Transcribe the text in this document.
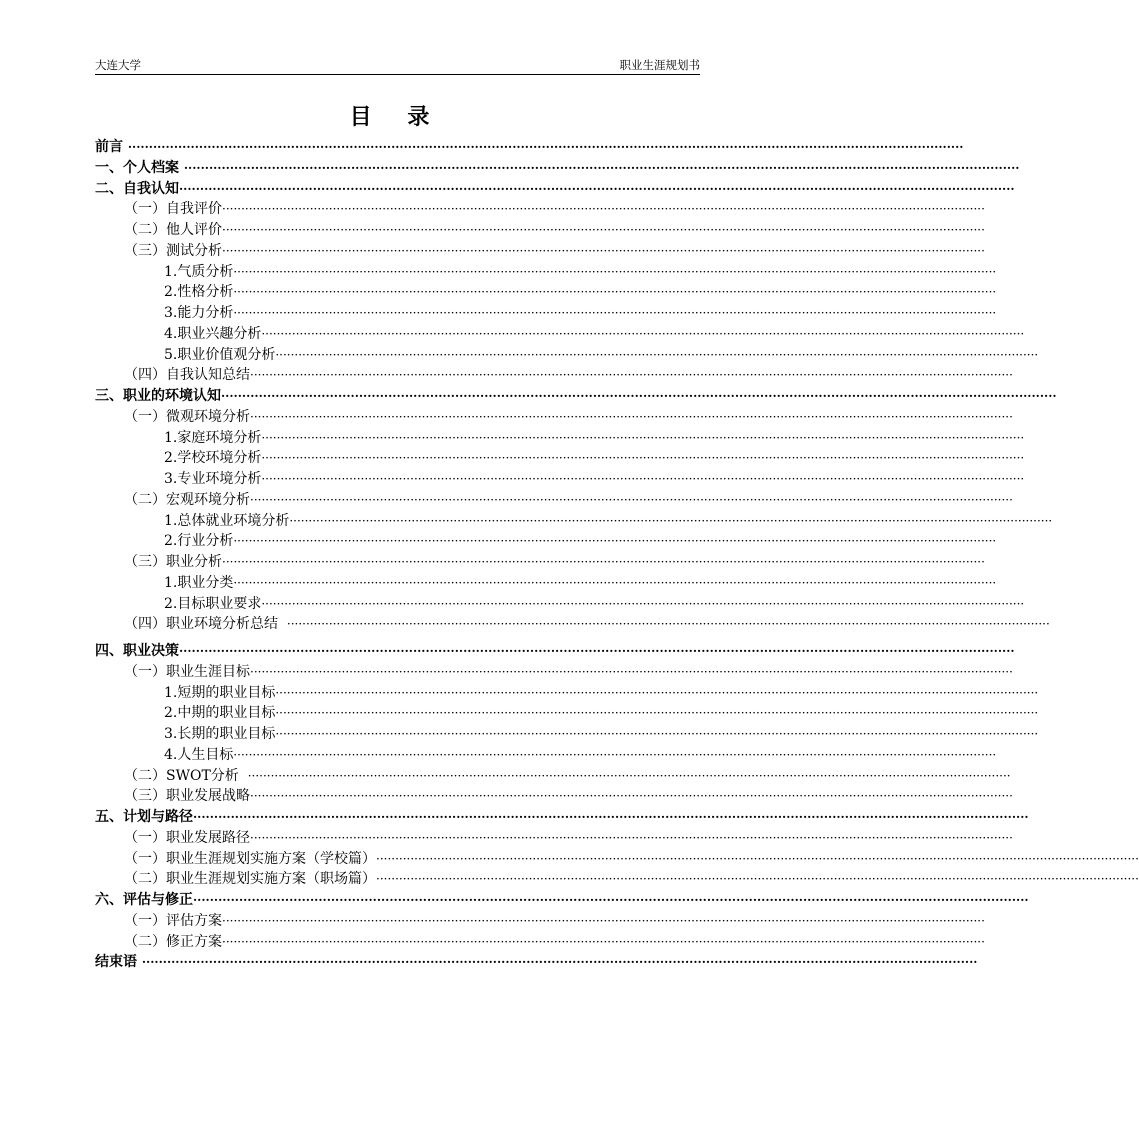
大连大学	职业生涯规划书
目 录
前言 ········································································································································································································
一、个人档案 ········································································································································································································
二、自我认知········································································································································································································
（一）自我评价········································································································································································································
（二）他人评价········································································································································································································
（三）测试分析········································································································································································································
1.气质分析········································································································································································································
2.性格分析········································································································································································································
3.能力分析········································································································································································································
4.职业兴趣分析········································································································································································································
5.职业价值观分析········································································································································································································
（四）自我认知总结········································································································································································································
三、职业的环境认知········································································································································································································
（一）微观环境分析········································································································································································································
1.家庭环境分析········································································································································································································
2.学校环境分析········································································································································································································
3.专业环境分析········································································································································································································
（二）宏观环境分析········································································································································································································
1.总体就业环境分析········································································································································································································
2.行业分析········································································································································································································
（三）职业分析········································································································································································································
1.职业分类········································································································································································································
2.目标职业要求········································································································································································································
（四）职业环境分析总结  ········································································································································································································
四、职业决策········································································································································································································
（一）职业生涯目标········································································································································································································
1.短期的职业目标········································································································································································································
2.中期的职业目标········································································································································································································
3.长期的职业目标········································································································································································································
4.人生目标········································································································································································································
（二）SWOT分析  ········································································································································································································
（三）职业发展战略········································································································································································································
五、计划与路径········································································································································································································
（一）职业发展路径········································································································································································································
（一）职业生涯规划实施方案（学校篇）········································································································································································································
（二）职业生涯规划实施方案（职场篇）········································································································································································································
六、评估与修正········································································································································································································
（一）评估方案········································································································································································································
（二）修正方案········································································································································································································
结束语 ········································································································································································································
